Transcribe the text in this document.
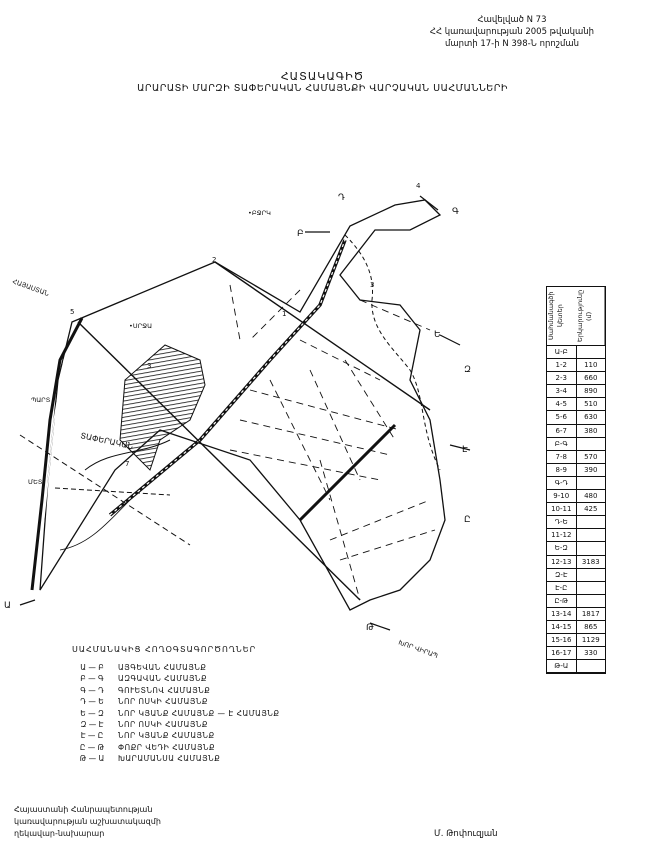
Հավելված N 73
ՀՀ կառավարության 2005 թվականի
մարտի 17-ի N 398-Ն որոշման
ՀԱՏԱԿԱԳԻԾ
ԱՐԱՐԱՏԻ ՄԱՐԶԻ ՏԱՓԵՐԱԿԱՆ ՀԱՄԱՅՆՔԻ ՎԱՐՉԱԿԱՆ ՍԱՀՄԱՆՆԵՐԻ
2
1
3
4
5
3
7
Դ
Գ
Բ
Ե
Զ
Է
Ը
Թ
Ա
•ԲՋՐԿ
ՀԱՅԱՍՏԱՆ
•ՍՐՋԱ
ՊԱՐՏ
ՄԵՏ
ԽՈՐ ՎԻՐԱՊ
ՏԱՓԵՐԱԿԱՆ
Սահմանագծի կետեր	Երկարությունը (մ)
Ա-Բ
1-2	110
2-3	660
3-4	890
4-5	510
5-6	630
6-7	380
Բ-Գ
7-8	570
8-9	390
Գ-Դ
9-10	480
10-11	425
Դ-Ե
11-12
Ե-Զ
12-13	3183
Զ-Է
Է-Ը
Ը-Թ
13-14	1817
14-15	865
15-16	1129
16-17	330
Թ-Ա
ՍԱՀՄԱՆԱԿԻՑ ՀՈՂՕԳՏԱԳՈՐԾՈՂՆԵՐ
Ա — Բ	ԱՅԳԵՎԱՆ ՀԱՄԱՅՆՔ
Բ — Գ	ԱԶԳԱՎԱՆ ՀԱՄԱՅՆՔ
Գ — Դ	ԳՈՒԵՏՆՈՎ ՀԱՄԱՅՆՔ
Դ — Ե	ՆՈՐ ՈՍԿԻ ՀԱՄԱՅՆՔ
Ե — Զ	ՆՈՐ ԿՅԱՆՔ ՀԱՄԱՅՆՔ — Է ՀԱՄԱՅՆՔ
Զ — Է	ՆՈՐ ՈՍԿԻ ՀԱՄԱՅՆՔ
Է — Ը	ՆՈՐ ԿՅԱՆՔ ՀԱՄԱՅՆՔ
Ը — Թ	ՓՈՔՐ ՎԵԴԻ ՀԱՄԱՅՆՔ
Թ — Ա	ԽԱՐԱՄԱՆՍԱ ՀԱՄԱՅՆՔ
Հայաստանի Հանրապետության
կառավարության աշխատակազմի
ղեկավար-նախարար	Մ. Թոփուզյան
